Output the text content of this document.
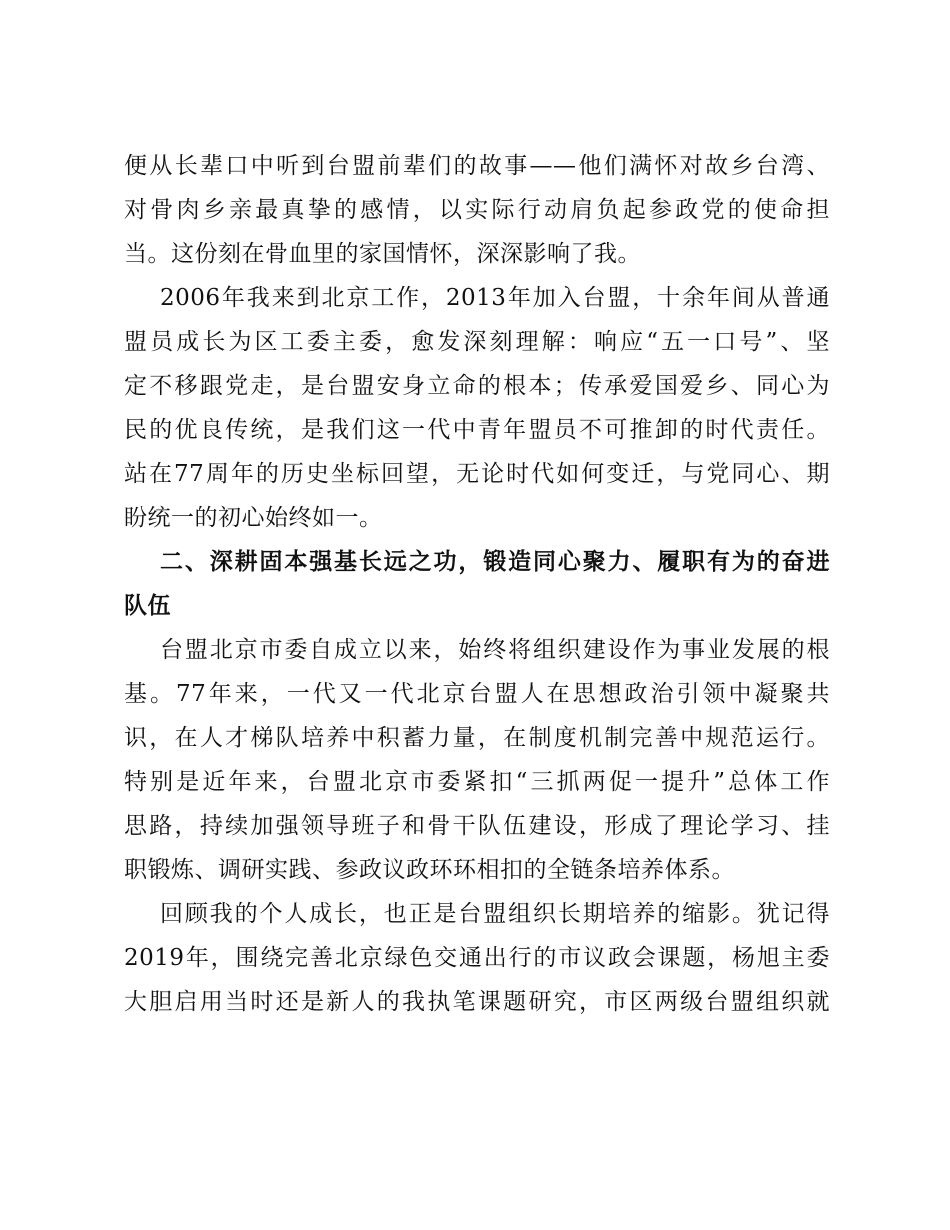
便从长辈口中听到台盟前辈们的故事——他们满怀对故乡台湾、
对骨肉乡亲最真挚的感情，以实际行动肩负起参政党的使命担
当。这份刻在骨血里的家国情怀，深深影响了我。
2006年我来到北京工作，2013年加入台盟，十余年间从普通
盟员成长为区工委主委，愈发深刻理解：响应“五一口号”、坚
定不移跟党走，是台盟安身立命的根本；传承爱国爱乡、同心为
民的优良传统，是我们这一代中青年盟员不可推卸的时代责任。
站在77周年的历史坐标回望，无论时代如何变迁，与党同心、期
盼统一的初心始终如一。
二、深耕固本强基长远之功，锻造同心聚力、履职有为的奋进
队伍
台盟北京市委自成立以来，始终将组织建设作为事业发展的根
基。77年来，一代又一代北京台盟人在思想政治引领中凝聚共
识，在人才梯队培养中积蓄力量，在制度机制完善中规范运行。
特别是近年来，台盟北京市委紧扣“三抓两促一提升”总体工作
思路，持续加强领导班子和骨干队伍建设，形成了理论学习、挂
职锻炼、调研实践、参政议政环环相扣的全链条培养体系。
回顾我的个人成长，也正是台盟组织长期培养的缩影。犹记得
2019年，围绕完善北京绿色交通出行的市议政会课题，杨旭主委
大胆启用当时还是新人的我执笔课题研究，市区两级台盟组织就
